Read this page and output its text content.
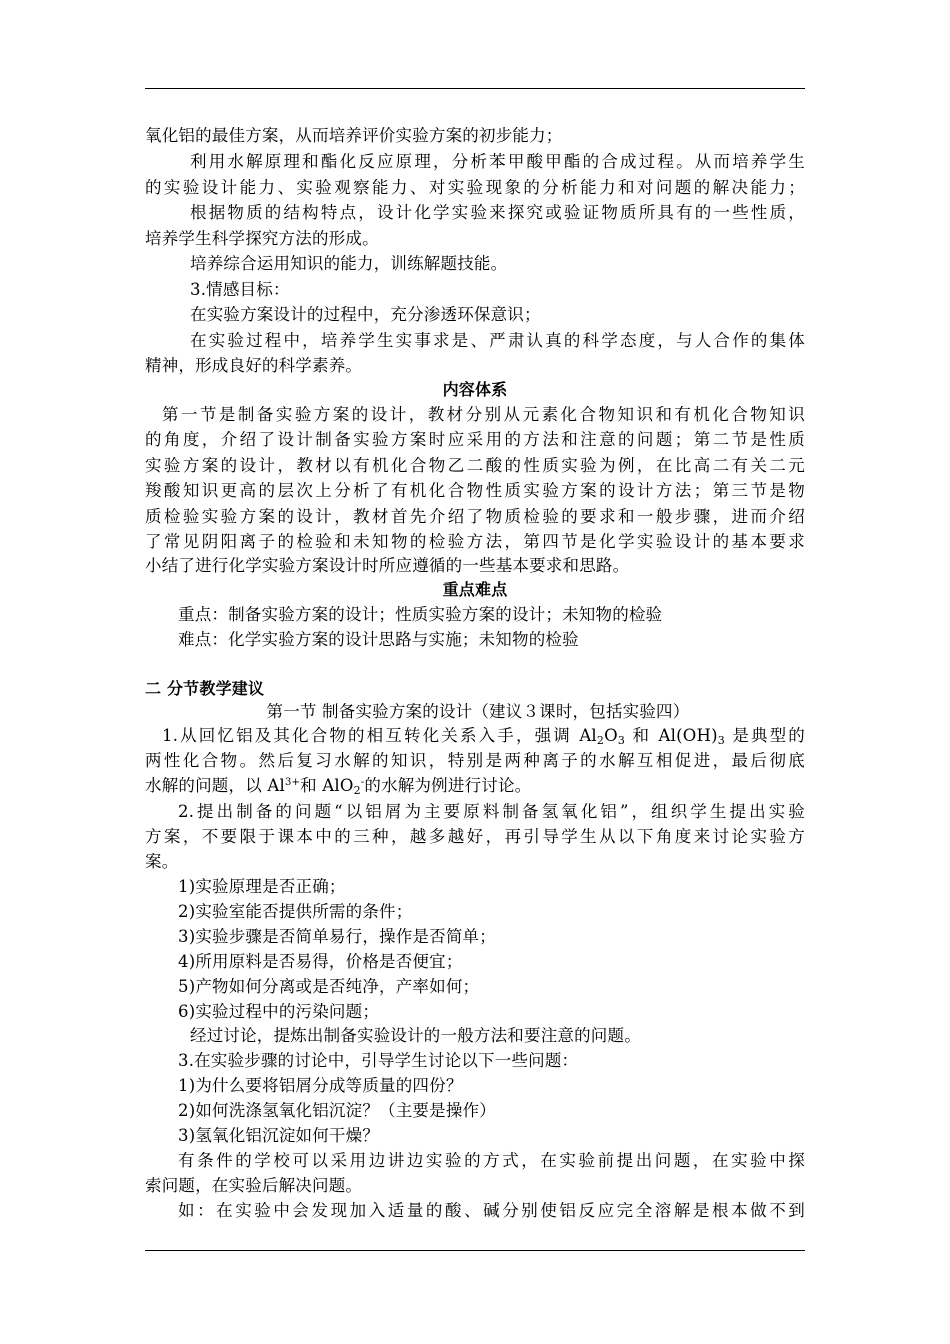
氧化铝的最佳方案，从而培养评价实验方案的初步能力；
利用水解原理和酯化反应原理，分析苯甲酸甲酯的合成过程。从而培养学生
的实验设计能力、实验观察能力、对实验现象的分析能力和对问题的解决能力；
根据物质的结构特点，设计化学实验来探究或验证物质所具有的一些性质，
培养学生科学探究方法的形成。
培养综合运用知识的能力，训练解题技能。
3.情感目标：
在实验方案设计的过程中，充分渗透环保意识；
在实验过程中，培养学生实事求是、严肃认真的科学态度，与人合作的集体
精神，形成良好的科学素养。
内容体系
第一节是制备实验方案的设计，教材分别从元素化合物知识和有机化合物知识
的角度，介绍了设计制备实验方案时应采用的方法和注意的问题；第二节是性质
实验方案的设计，教材以有机化合物乙二酸的性质实验为例，在比高二有关二元
羧酸知识更高的层次上分析了有机化合物性质实验方案的设计方法；第三节是物
质检验实验方案的设计，教材首先介绍了物质检验的要求和一般步骤，进而介绍
了常见阴阳离子的检验和未知物的检验方法，第四节是化学实验设计的基本要求
小结了进行化学实验方案设计时所应遵循的一些基本要求和思路。
重点难点
重点：制备实验方案的设计；性质实验方案的设计；未知物的检验
难点：化学实验方案的设计思路与实施；未知物的检验
二 分节教学建议
第一节 制备实验方案的设计（建议３课时，包括实验四）
1.从回忆铝及其化合物的相互转化关系入手，强调 $Al_2O_3$ 和 $Al(OH)_3$ 是典型的
两性化合物。然后复习水解的知识，特别是两种离子的水解互相促进，最后彻底
水解的问题，以 $Al^{3+}$和 AlO$_2$-的水解为例进行讨论。
2.提出制备的问题“以铝屑为主要原料制备氢氧化铝”，组织学生提出实验
方案，不要限于课本中的三种，越多越好，再引导学生从以下角度来讨论实验方
案。
1)实验原理是否正确；
2)实验室能否提供所需的条件；
3)实验步骤是否简单易行，操作是否简单；
4)所用原料是否易得，价格是否便宜；
5)产物如何分离或是否纯净，产率如何；
6)实验过程中的污染问题；
经过讨论，提炼出制备实验设计的一般方法和要注意的问题。
3.在实验步骤的讨论中，引导学生讨论以下一些问题：
1)为什么要将铝屑分成等质量的四份？
2)如何洗涤氢氧化铝沉淀？（主要是操作）
3)氢氧化铝沉淀如何干燥？
有条件的学校可以采用边讲边实验的方式，在实验前提出问题，在实验中探
索问题，在实验后解决问题。
如：在实验中会发现加入适量的酸、碱分别使铝反应完全溶解是根本做不到
